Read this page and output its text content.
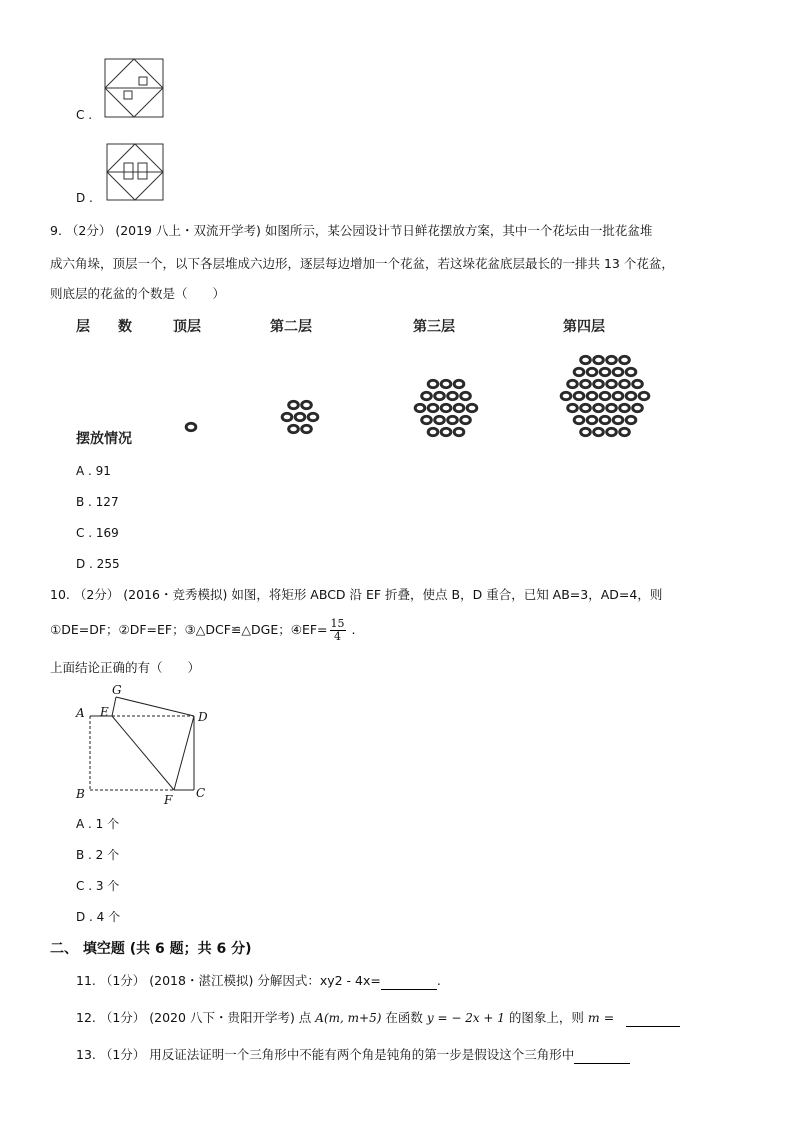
C .
D .
9. （2分） (2019 八上・双流开学考) 如图所示，某公园设计节日鲜花摆放方案，其中一个花坛由一批花盆堆
成六角垛，顶层一个，以下各层堆成六边形，逐层每边增加一个花盆，若这垛花盆底层最长的一排共 13 个花盆，
则底层的花盆的个数是（　　）
层　　数	顶层	第二层	第三层	第四层
摆放情况
A . 91
B . 127
C . 169
D . 255
10. （2分） (2016・竞秀模拟) 如图，将矩形 ABCD 沿 EF 折叠，使点 B，D 重合，已知 AB=3，AD=4，则
①DE=DF；②DF=EF；③△DCF≌△DGE；④EF= $\frac{15}{4}$ .
上面结论正确的有（　　）
A E
G
D
B	F C
A . 1 个
B . 2 个
C . 3 个
D . 4 个
二、 填空题 (共 6 题；共 6 分)
11. （1分） (2018・湛江模拟) 分解因式：xy2 - 4x=	.
12. （1分） (2020 八下・贵阳开学考) 点 A(m, m+5) 在函数 y = − 2x + 1 的图象上，则 m =
13. （1分） 用反证法证明一个三角形中不能有两个角是钝角的第一步是假设这个三角形中
